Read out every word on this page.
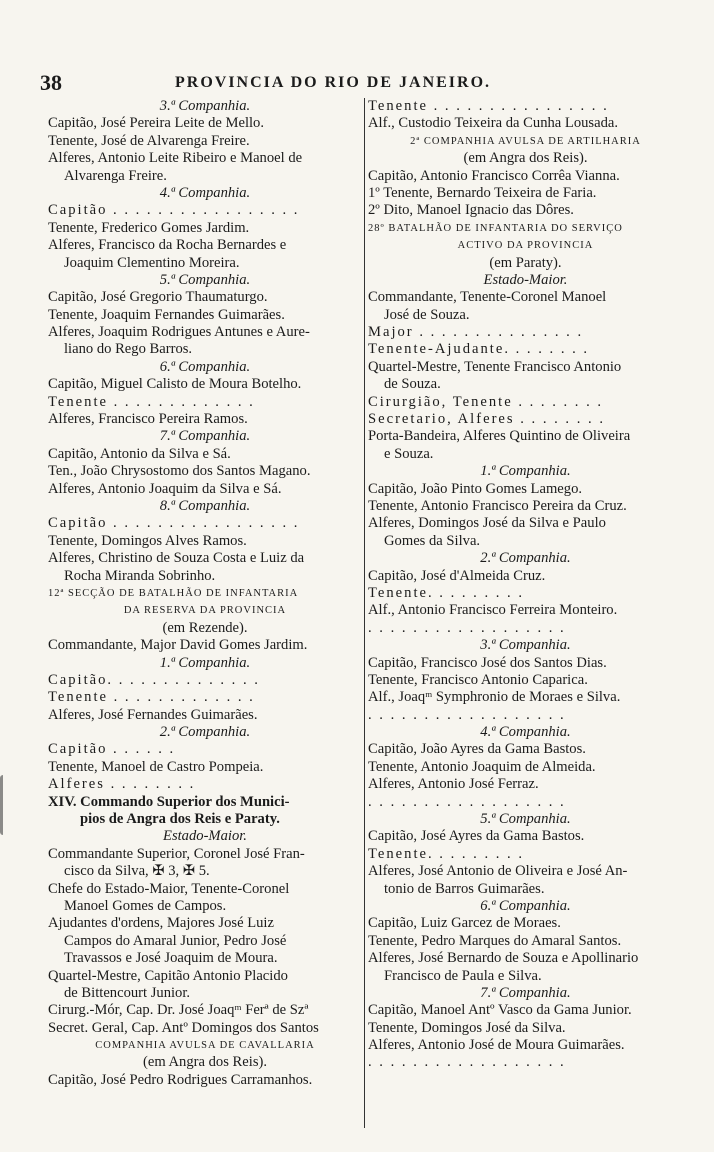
38	PROVINCIA DO RIO DE JANEIRO.
3.ª Companhia.
Capitão, José Pereira Leite de Mello.
Tenente, José de Alvarenga Freire.
Alferes, Antonio Leite Ribeiro e Manoel de
Alvarenga Freire.
4.ª Companhia.
Capitão . . . . . . . . . . . . . . . . .
Tenente, Frederico Gomes Jardim.
Alferes, Francisco da Rocha Bernardes e
Joaquim Clementino Moreira.
5.ª Companhia.
Capitão, José Gregorio Thaumaturgo.
Tenente, Joaquim Fernandes Guimarães.
Alferes, Joaquim Rodrigues Antunes e Aure-
liano do Rego Barros.
6.ª Companhia.
Capitão, Miguel Calisto de Moura Botelho.
Tenente . . . . . . . . . . . . .
Alferes, Francisco Pereira Ramos.
7.ª Companhia.
Capitão, Antonio da Silva e Sá.
Ten., João Chrysostomo dos Santos Magano.
Alferes, Antonio Joaquim da Silva e Sá.
8.ª Companhia.
Capitão . . . . . . . . . . . . . . . . .
Tenente, Domingos Alves Ramos.
Alferes, Christino de Souza Costa e Luiz da
Rocha Miranda Sobrinho.
12ª SECÇÃO DE BATALHÃO DE INFANTARIA
DA RESERVA DA PROVINCIA
(em Rezende).
Commandante, Major David Gomes Jardim.
1.ª Companhia.
Capitão. . . . . . . . . . . . . .
Tenente . . . . . . . . . . . . .
Alferes, José Fernandes Guimarães.
2.ª Companhia.
Capitão . . . . . .
Tenente, Manoel de Castro Pompeia.
Alferes . . . . . . . .
XIV. Commando Superior dos Munici-
pios de Angra dos Reis e Paraty.
Estado-Maior.
Commandante Superior, Coronel José Fran-
cisco da Silva, ✠ 3, ✠ 5.
Chefe do Estado-Maior, Tenente-Coronel
Manoel Gomes de Campos.
Ajudantes d'ordens, Majores José Luiz
Campos do Amaral Junior, Pedro José
Travassos e José Joaquim de Moura.
Quartel-Mestre, Capitão Antonio Placido
de Bittencourt Junior.
Cirurg.-Mór, Cap. Dr. José Joaqᵐ Ferª de Szª
Secret. Geral, Cap. Antº Domingos dos Santos
COMPANHIA AVULSA DE CAVALLARIA
(em Angra dos Reis).
Capitão, José Pedro Rodrigues Carramanhos.
Tenente . . . . . . . . . . . . . . . .
Alf., Custodio Teixeira da Cunha Lousada.
2ª COMPANHIA AVULSA DE ARTILHARIA
(em Angra dos Reis).
Capitão, Antonio Francisco Corrêa Vianna.
1º Tenente, Bernardo Teixeira de Faria.
2º Dito, Manoel Ignacio das Dôres.
28º BATALHÃO DE INFANTARIA DO SERVIÇO
ACTIVO DA PROVINCIA
(em Paraty).
Estado-Maior.
Commandante, Tenente-Coronel Manoel
José de Souza.
Major . . . . . . . . . . . . . . .
Tenente-Ajudante. . . . . . . .
Quartel-Mestre, Tenente Francisco Antonio
de Souza.
Cirurgião, Tenente . . . . . . . .
Secretario, Alferes . . . . . . . .
Porta-Bandeira, Alferes Quintino de Oliveira
e Souza.
1.ª Companhia.
Capitão, João Pinto Gomes Lamego.
Tenente, Antonio Francisco Pereira da Cruz.
Alferes, Domingos José da Silva e Paulo
Gomes da Silva.
2.ª Companhia.
Capitão, José d'Almeida Cruz.
Tenente. . . . . . . . .
Alf., Antonio Francisco Ferreira Monteiro.
. . . . . . . . . . . . . . . . . .
3.ª Companhia.
Capitão, Francisco José dos Santos Dias.
Tenente, Francisco Antonio Caparica.
Alf., Joaqᵐ Symphronio de Moraes e Silva.
. . . . . . . . . . . . . . . . . .
4.ª Companhia.
Capitão, João Ayres da Gama Bastos.
Tenente, Antonio Joaquim de Almeida.
Alferes, Antonio José Ferraz.
. . . . . . . . . . . . . . . . . .
5.ª Companhia.
Capitão, José Ayres da Gama Bastos.
Tenente. . . . . . . . .
Alferes, José Antonio de Oliveira e José An-
tonio de Barros Guimarães.
6.ª Companhia.
Capitão, Luiz Garcez de Moraes.
Tenente, Pedro Marques do Amaral Santos.
Alferes, José Bernardo de Souza e Apollinario
Francisco de Paula e Silva.
7.ª Companhia.
Capitão, Manoel Antº Vasco da Gama Junior.
Tenente, Domingos José da Silva.
Alferes, Antonio José de Moura Guimarães.
. . . . . . . . . . . . . . . . . .
